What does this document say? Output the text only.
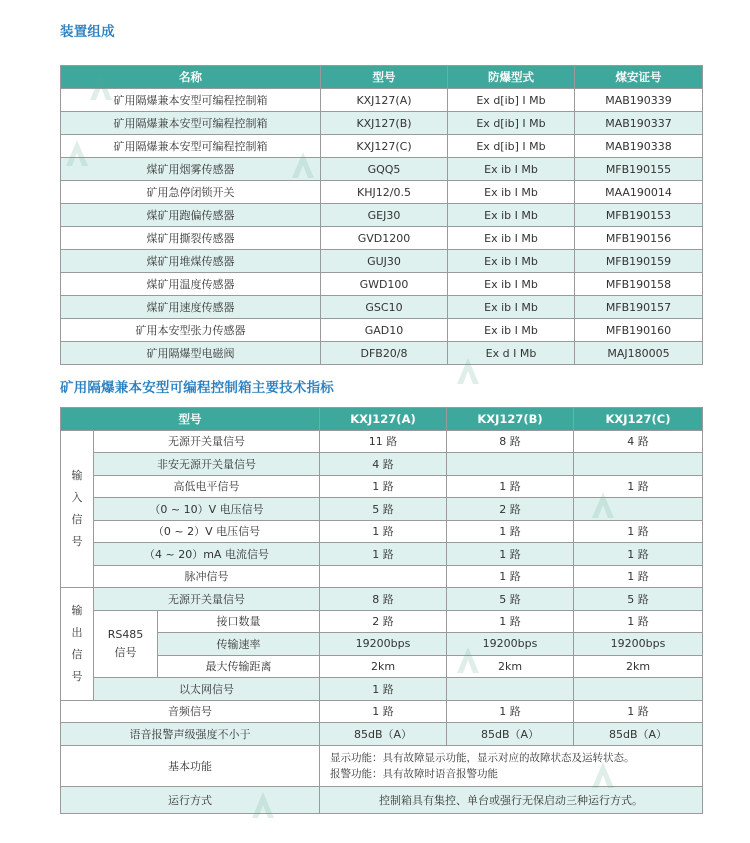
装置组成
名称	型号	防爆型式	煤安证号
矿用隔爆兼本安型可编程控制箱	KXJ127(A)	Ex d[ib] I Mb	MAB190339
矿用隔爆兼本安型可编程控制箱	KXJ127(B)	Ex d[ib] I Mb	MAB190337
矿用隔爆兼本安型可编程控制箱	KXJ127(C)	Ex d[ib] I Mb	MAB190338
煤矿用烟雾传感器	GQQ5	Ex ib I Mb	MFB190155
矿用急停闭锁开关	KHJ12/0.5	Ex ib I Mb	MAA190014
煤矿用跑偏传感器	GEJ30	Ex ib I Mb	MFB190153
煤矿用撕裂传感器	GVD1200	Ex ib I Mb	MFB190156
煤矿用堆煤传感器	GUJ30	Ex ib I Mb	MFB190159
煤矿用温度传感器	GWD100	Ex ib I Mb	MFB190158
煤矿用速度传感器	GSC10	Ex ib I Mb	MFB190157
矿用本安型张力传感器	GAD10	Ex ib I Mb	MFB190160
矿用隔爆型电磁阀	DFB20/8	Ex d I Mb	MAJ180005
矿用隔爆兼本安型可编程控制箱主要技术指标
型号			KXJ127(A)	KXJ127(B)	KXJ127(C)
输入信号	无源开关量信号		11 路	8 路	4 路
	非安无源开关量信号		4 路		
	高低电平信号		1 路	1 路	1 路
	（0 ~ 10）V 电压信号		5 路	2 路	
	（0 ~ 2）V 电压信号		1 路	1 路	1 路
	（4 ~ 20）mA 电流信号		1 路	1 路	1 路
	脉冲信号			1 路	1 路
输出信号	无源开关量信号		8 路	5 路	5 路
	RS485信号	接口数量	2 路	1 路	1 路
		传输速率	19200bps	19200bps	19200bps
		最大传输距离	2km	2km	2km
	以太网信号		1 路		
音频信号			1 路	1 路	1 路
语音报警声级强度不小于			85dB（A）	85dB（A）	85dB（A）
基本功能			显示功能：具有故障显示功能，显示对应的故障状态及运转状态。
报警功能：具有故障时语音报警功能		

运行方式			控制箱具有集控、单台或强行无保启动三种运行方式。		
